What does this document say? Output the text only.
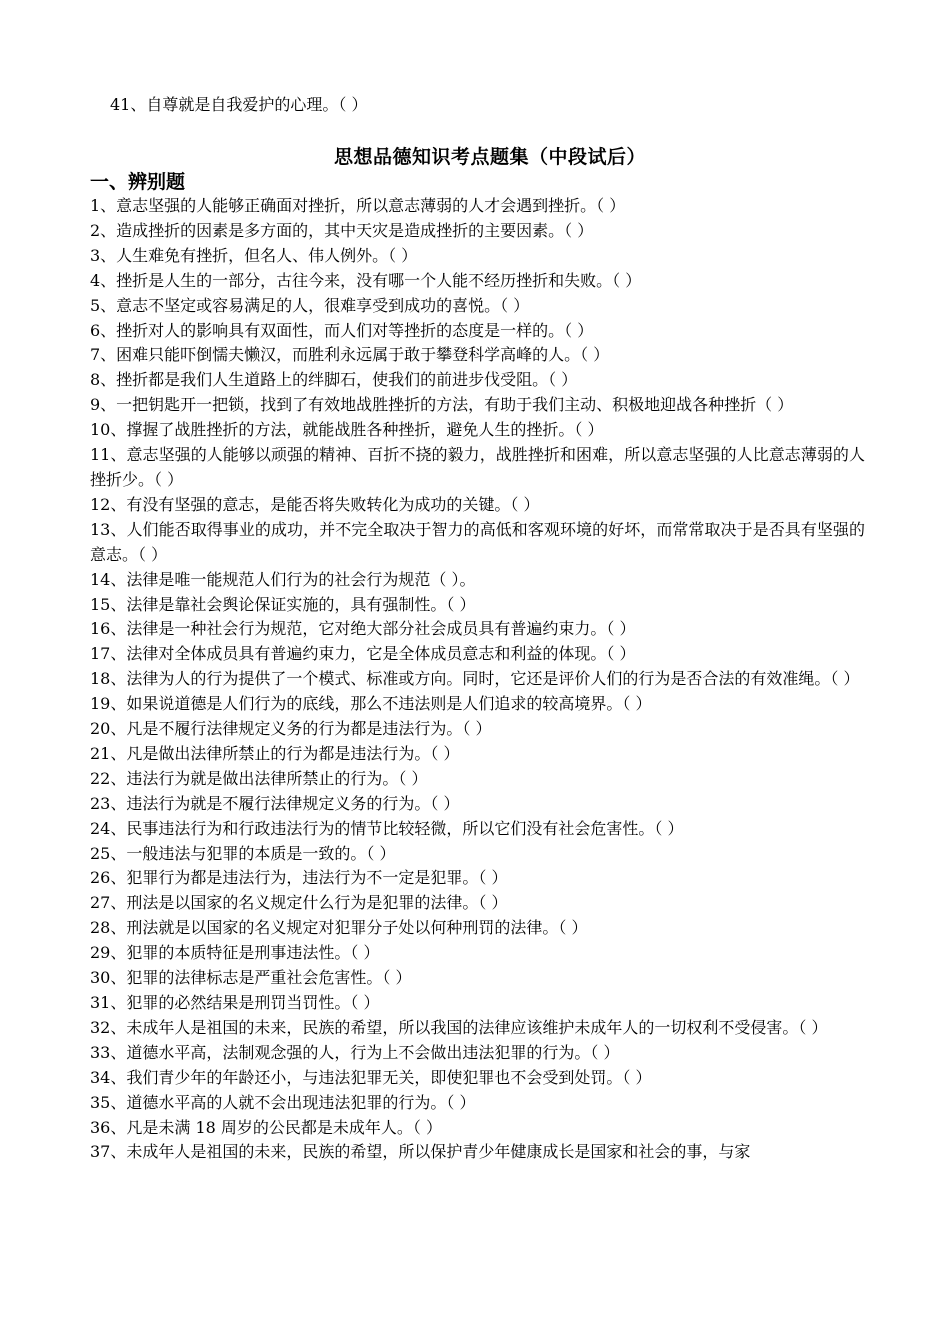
41、自尊就是自我爱护的心理。（ ）
思想品德知识考点题集（中段试后）
一、辨别题
1、意志坚强的人能够正确面对挫折，所以意志薄弱的人才会遇到挫折。（ ）
2、造成挫折的因素是多方面的，其中天灾是造成挫折的主要因素。（ ）
3、人生难免有挫折，但名人、伟人例外。（ ）
4、挫折是人生的一部分，古往今来，没有哪一个人能不经历挫折和失败。（ ）
5、意志不坚定或容易满足的人，很难享受到成功的喜悦。（ ）
6、挫折对人的影响具有双面性，而人们对等挫折的态度是一样的。（ ）
7、困难只能吓倒懦夫懒汉，而胜利永远属于敢于攀登科学高峰的人。（ ）
8、挫折都是我们人生道路上的绊脚石，使我们的前进步伐受阻。（ ）
9、一把钥匙开一把锁，找到了有效地战胜挫折的方法，有助于我们主动、积极地迎战各种挫折（ ）
10、撑握了战胜挫折的方法，就能战胜各种挫折，避免人生的挫折。（ ）
11、意志坚强的人能够以顽强的精神、百折不挠的毅力，战胜挫折和困难，所以意志坚强的人比意志薄弱的人挫折少。（ ）
12、有没有坚强的意志，是能否将失败转化为成功的关键。（ ）
13、人们能否取得事业的成功，并不完全取决于智力的高低和客观环境的好坏，而常常取决于是否具有坚强的意志。（ ）
14、法律是唯一能规范人们行为的社会行为规范（ ）。
15、法律是靠社会舆论保证实施的，具有强制性。（ ）
16、法律是一种社会行为规范，它对绝大部分社会成员具有普遍约束力。（ ）
17、法律对全体成员具有普遍约束力，它是全体成员意志和利益的体现。（ ）
18、法律为人的行为提供了一个模式、标准或方向。同时，它还是评价人们的行为是否合法的有效准绳。（ ）
19、如果说道德是人们行为的底线，那么不违法则是人们追求的较高境界。（ ）
20、凡是不履行法律规定义务的行为都是违法行为。（ ）
21、凡是做出法律所禁止的行为都是违法行为。（ ）
22、违法行为就是做出法律所禁止的行为。（ ）
23、违法行为就是不履行法律规定义务的行为。（ ）
24、民事违法行为和行政违法行为的情节比较轻微，所以它们没有社会危害性。（ ）
25、一般违法与犯罪的本质是一致的。（ ）
26、犯罪行为都是违法行为，违法行为不一定是犯罪。（ ）
27、刑法是以国家的名义规定什么行为是犯罪的法律。（ ）
28、刑法就是以国家的名义规定对犯罪分子处以何种刑罚的法律。（ ）
29、犯罪的本质特征是刑事违法性。（ ）
30、犯罪的法律标志是严重社会危害性。（ ）
31、犯罪的必然结果是刑罚当罚性。（ ）
32、未成年人是祖国的未来，民族的希望，所以我国的法律应该维护未成年人的一切权利不受侵害。（ ）
33、道德水平高，法制观念强的人，行为上不会做出违法犯罪的行为。（ ）
34、我们青少年的年龄还小，与违法犯罪无关，即使犯罪也不会受到处罚。（ ）
35、道德水平高的人就不会出现违法犯罪的行为。（ ）
36、凡是未满 18 周岁的公民都是未成年人。（ ）
37、未成年人是祖国的未来，民族的希望，所以保护青少年健康成长是国家和社会的事，与家
